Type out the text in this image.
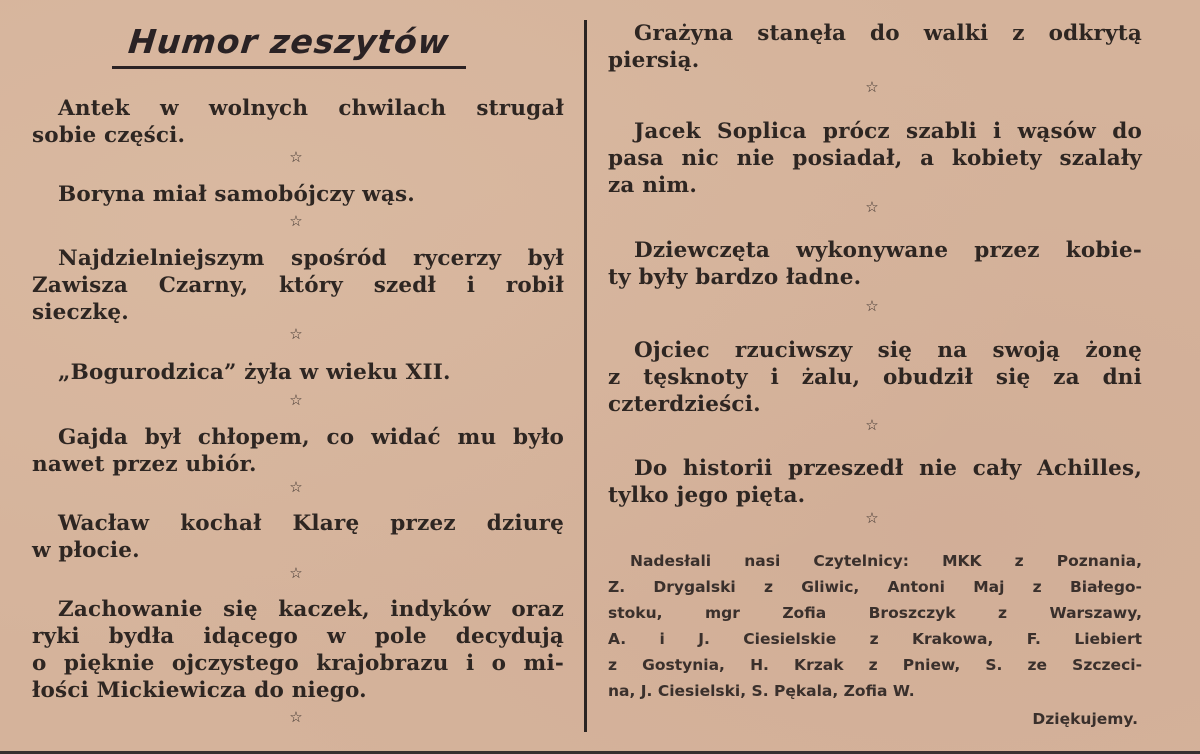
Humor zeszytów
Antek w wolnych chwilach strugał
sobie części.
☆
Boryna miał samobójczy wąs.
☆
Najdzielniejszym spośród rycerzy był
Zawisza Czarny, który szedł i robił
sieczkę.
☆
„Bogurodzica” żyła w wieku XII.
☆
Gajda był chłopem, co widać mu było
nawet przez ubiór.
☆
Wacław kochał Klarę przez dziurę
w płocie.
☆
Zachowanie się kaczek, indyków oraz
ryki bydła idącego w pole decydują
o pięknie ojczystego krajobrazu i o mi-
łości Mickiewicza do niego.
☆
Grażyna stanęła do walki z odkrytą
piersią.
☆
Jacek Soplica prócz szabli i wąsów do
pasa nic nie posiadał, a kobiety szalały
za nim.
☆
Dziewczęta wykonywane przez kobie-
ty były bardzo ładne.
☆
Ojciec rzuciwszy się na swoją żonę
z tęsknoty i żalu, obudził się za dni
czterdzieści.
☆
Do historii przeszedł nie cały Achilles,
tylko jego pięta.
☆
Nadesłali nasi Czytelnicy: MKK z Poznania,
Z. Drygalski z Gliwic, Antoni Maj z Białego-
stoku, mgr Zofia Broszczyk z Warszawy,
A. i J. Ciesielskie z Krakowa, F. Liebiert
z Gostynia, H. Krzak z Pniew, S. ze Szczeci-
na, J. Ciesielski, S. Pękala, Zofia W.
Dziękujemy.
